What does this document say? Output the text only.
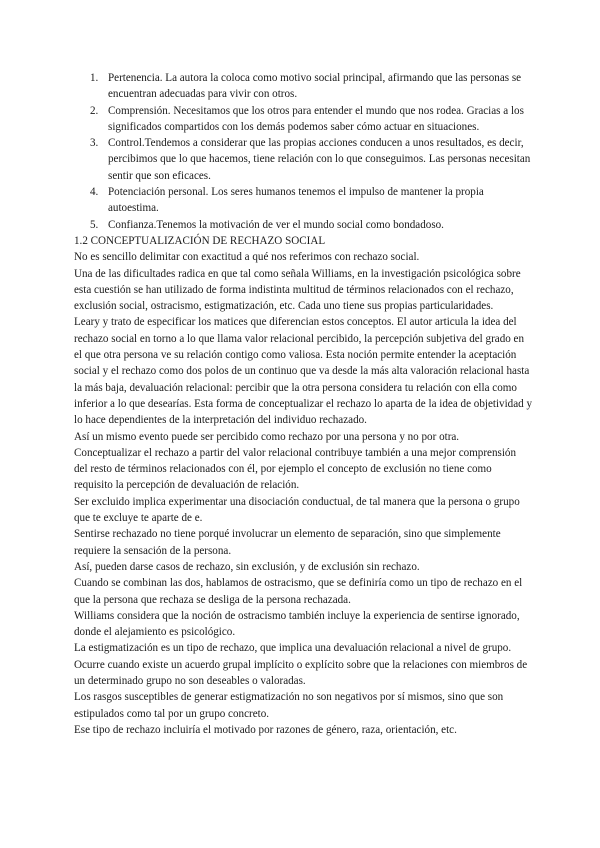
1. Pertenencia. La autora la coloca como motivo social principal, afirmando que las personas se encuentran adecuadas para vivir con otros.
2. Comprensión. Necesitamos que los otros para entender el mundo que nos rodea. Gracias a los significados compartidos con los demás podemos saber cómo actuar en situaciones.
3. Control.Tendemos a considerar que las propias acciones conducen a unos resultados, es decir, percibimos que lo que hacemos, tiene relación con lo que conseguimos. Las personas necesitan sentir que son eficaces.
4. Potenciación personal. Los seres humanos tenemos el impulso de mantener la propia autoestima.
5. Confianza.Tenemos la motivación de ver el mundo social como bondadoso.
1.2 CONCEPTUALIZACIÓN DE RECHAZO SOCIAL

No es sencillo delimitar con exactitud a qué nos referimos con rechazo social.

Una de las dificultades radica en que tal como señala Williams, en la investigación psicológica sobre esta cuestión se han utilizado de forma indistinta multitud de términos relacionados con el rechazo, exclusión social, ostracismo, estigmatización, etc. Cada uno tiene sus propias particularidades.

Leary y trato de especificar los matices que diferencian estos conceptos. El autor articula la idea del rechazo social en torno a lo que llama valor relacional percibido, la percepción subjetiva del grado en el que otra persona ve su relación contigo como valiosa. Esta noción permite entender la aceptación social y el rechazo como dos polos de un continuo que va desde la más alta valoración relacional hasta la más baja, devaluación relacional: percibir que la otra persona considera tu relación con ella como inferior a lo que desearías. Esta forma de conceptualizar el rechazo lo aparta de la idea de objetividad y lo hace dependientes de la interpretación del individuo rechazado.

Así un mismo evento puede ser percibido como rechazo por una persona y no por otra.

Conceptualizar el rechazo a partir del valor relacional contribuye también a una mejor comprensión del resto de términos relacionados con él, por ejemplo el concepto de exclusión no tiene como requisito la percepción de devaluación de relación.

Ser excluido implica experimentar una disociación conductual, de tal manera que la persona o grupo que te excluye te aparte de e.

Sentirse rechazado no tiene porqué involucrar un elemento de separación, sino que simplemente requiere la sensación de la persona.

Así, pueden darse casos de rechazo, sin exclusión, y de exclusión sin rechazo.

Cuando se combinan las dos, hablamos de ostracismo, que se definiría como un tipo de rechazo en el que la persona que rechaza se desliga de la persona rechazada.

Williams considera que la noción de ostracismo también incluye la experiencia de sentirse ignorado, donde el alejamiento es psicológico.

La estigmatización es un tipo de rechazo, que implica una devaluación relacional a nivel de grupo. Ocurre cuando existe un acuerdo grupal implícito o explícito sobre que la relaciones con miembros de un determinado grupo no son deseables o valoradas.

Los rasgos susceptibles de generar estigmatización no son negativos por sí mismos, sino que son estipulados como tal por un grupo concreto.

Ese tipo de rechazo incluiría el motivado por razones de género, raza, orientación, etc.
